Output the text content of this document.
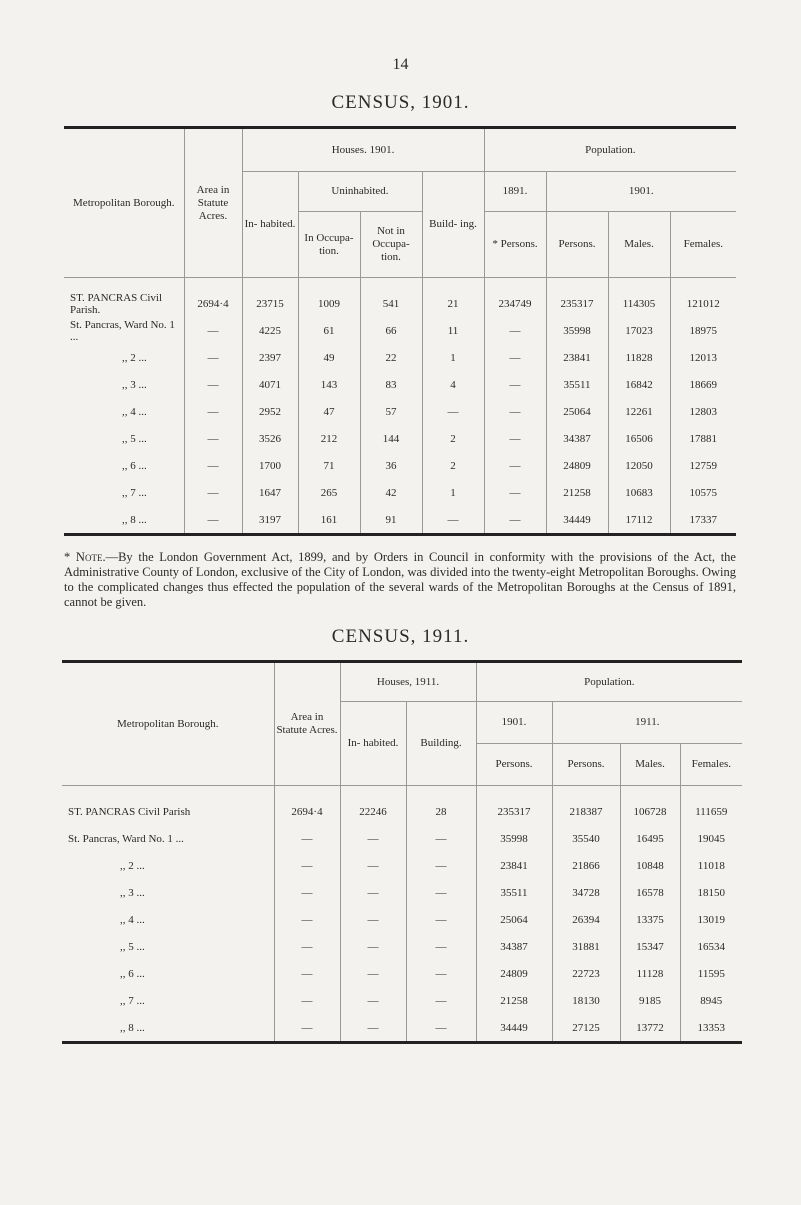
14
CENSUS, 1901.
Metropolitan Borough.	Area in Statute Acres.	Houses. 1901.				Population.			
		In- habited.	Uninhabited.		Build- ing.	1891.	1901.		
			In Occupa- tion.	Not in Occupa- tion.		* Persons.	Persons.	Males.	Females.
ST. PANCRAS Civil Parish.	2694·4	23715	1009	541	21	234749	235317	114305	121012
St. Pancras, Ward No. 1 ...	—	4225	61	66	11	—	35998	17023	18975
,, 2 ...	—	2397	49	22	1	—	23841	11828	12013
,, 3 ...	—	4071	143	83	4	—	35511	16842	18669
,, 4 ...	—	2952	47	57	—	—	25064	12261	12803
,, 5 ...	—	3526	212	144	2	—	34387	16506	17881
,, 6 ...	—	1700	71	36	2	—	24809	12050	12759
,, 7 ...	—	1647	265	42	1	—	21258	10683	10575
,, 8 ...	—	3197	161	91	—	—	34449	17112	17337
* Note.—By the London Government Act, 1899, and by Orders in Council in conformity with the provisions of the Act, the Administrative County of London, exclusive of the City of London, was divided into the twenty-eight Metropolitan Boroughs. Owing to the complicated changes thus effected the population of the several wards of the Metropolitan Boroughs at the Census of 1891, cannot be given.
CENSUS, 1911.
Metropolitan Borough.	Area in Statute Acres.	Houses, 1911.		Population.			
		In- habited.	Building.	1901.	1911.		
				Persons.	Persons.	Males.	Females.
ST. PANCRAS Civil Parish	2694·4	22246	28	235317	218387	106728	111659
St. Pancras, Ward No. 1 ...	—	—	—	35998	35540	16495	19045
,, 2 ...	—	—	—	23841	21866	10848	11018
,, 3 ...	—	—	—	35511	34728	16578	18150
,, 4 ...	—	—	—	25064	26394	13375	13019
,, 5 ...	—	—	—	34387	31881	15347	16534
,, 6 ...	—	—	—	24809	22723	11128	11595
,, 7 ...	—	—	—	21258	18130	9185	8945
,, 8 ...	—	—	—	34449	27125	13772	13353
